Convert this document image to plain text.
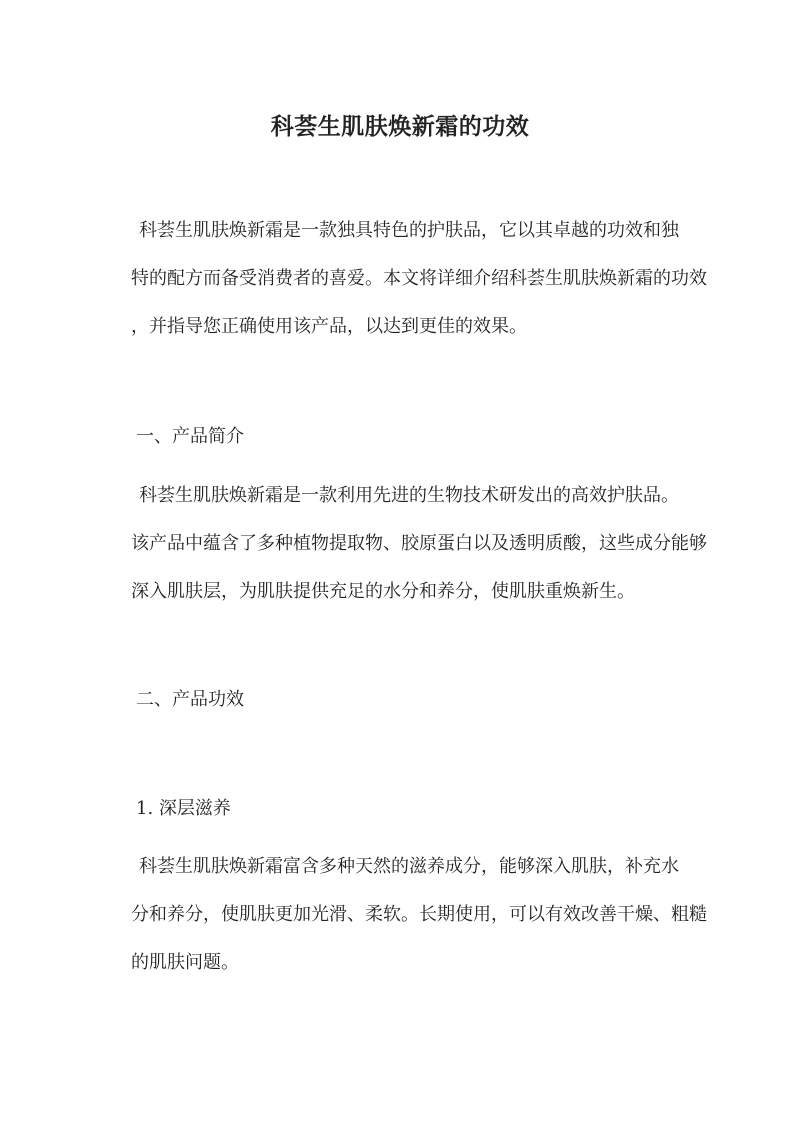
科荟生肌肤焕新霜的功效

科荟生肌肤焕新霜是一款独具特色的护肤品，它以其卓越的功效和独
特的配方而备受消费者的喜爱。本文将详细介绍科荟生肌肤焕新霜的功效
，并指导您正确使用该产品，以达到更佳的效果。

一、产品简介

科荟生肌肤焕新霜是一款利用先进的生物技术研发出的高效护肤品。
该产品中蕴含了多种植物提取物、胶原蛋白以及透明质酸，这些成分能够
深入肌肤层，为肌肤提供充足的水分和养分，使肌肤重焕新生。

二、产品功效
1. 深层滋养

科荟生肌肤焕新霜富含多种天然的滋养成分，能够深入肌肤，补充水
分和养分，使肌肤更加光滑、柔软。长期使用，可以有效改善干燥、粗糙
的肌肤问题。
